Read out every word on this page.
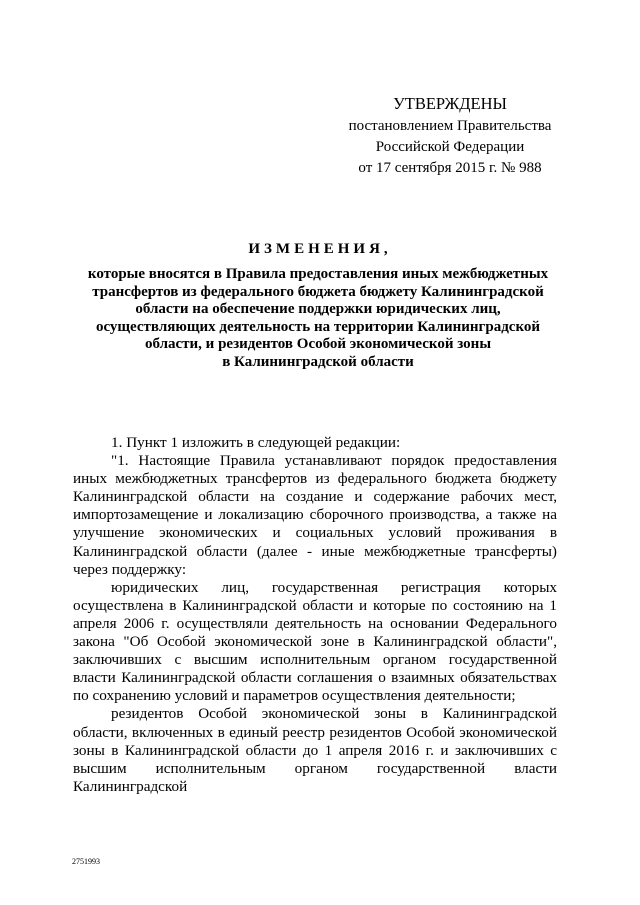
УТВЕРЖДЕНЫ
постановлением Правительства
Российской Федерации
от 17 сентября 2015 г. № 988
ИЗМЕНЕНИЯ,
которые вносятся в Правила предоставления иных межбюджетных
трансфертов из федерального бюджета бюджету Калининградской
области на обеспечение поддержки юридических лиц,
осуществляющих деятельность на территории Калининградской
области, и резидентов Особой экономической зоны
в Калининградской области

1. Пункт 1 изложить в следующей редакции:

"1. Настоящие Правила устанавливают порядок предоставления иных межбюджетных трансфертов из федерального бюджета бюджету Калининградской области на создание и содержание рабочих мест, импортозамещение и локализацию сборочного производства, а также на улучшение экономических и социальных условий проживания в Калининградской области (далее - иные межбюджетные трансферты) через поддержку:

юридических лиц, государственная регистрация которых осуществлена в Калининградской области и которые по состоянию на 1 апреля 2006 г. осуществляли деятельность на основании Федерального закона "Об Особой экономической зоне в Калининградской области", заключивших с высшим исполнительным органом государственной власти Калининградской области соглашения о взаимных обязательствах по сохранению условий и параметров осуществления деятельности;

резидентов Особой экономической зоны в Калининградской области, включенных в единый реестр резидентов Особой экономической зоны в Калининградской области до 1 апреля 2016 г. и заключивших с высшим исполнительным органом государственной власти Калининградской

2751993
